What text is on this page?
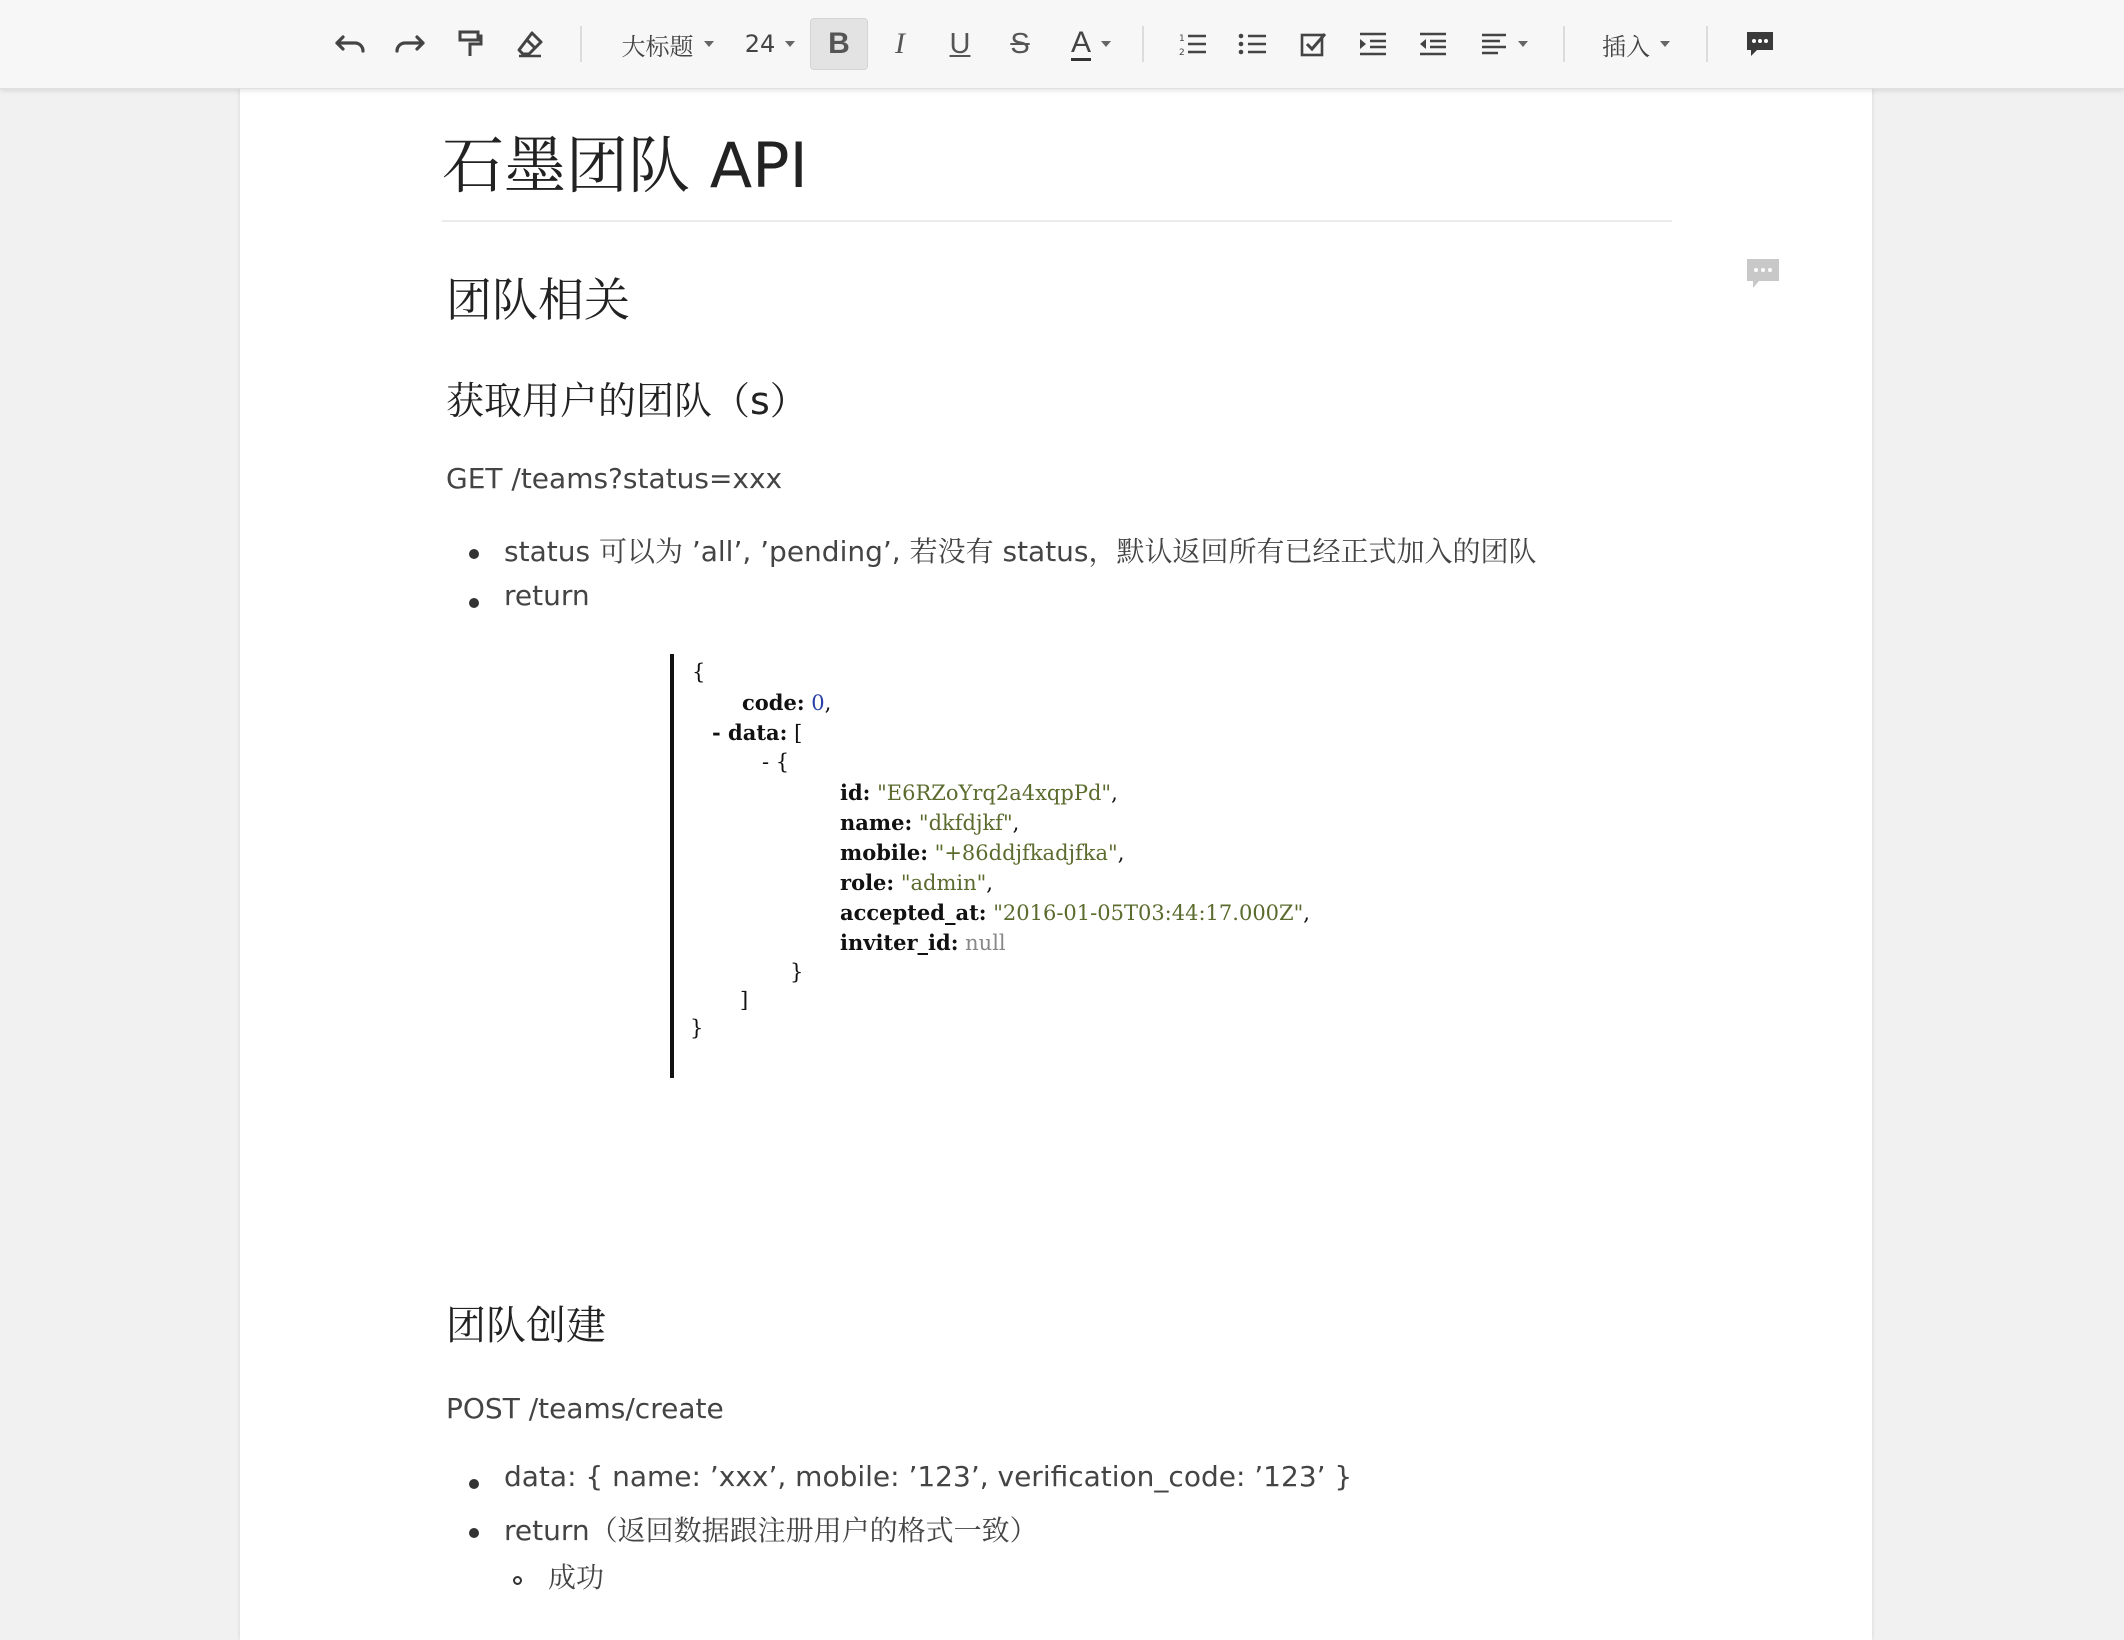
大标题 24	B	I	U	S	A	1
2	插入
石墨团队 API
团队相关
获取用户的团队（s）
GET /teams?status=xxx
status 可以为 ’all’, ’pending’, 若没有 status，默认返回所有已经正式加入的团队
return
{
code: 0,
- data: [
- {
id: "E6RZoYrq2a4xqpPd",
name: "dkfdjkf",
mobile: "+86ddjfkadjfka",
role: "admin",
accepted_at: "2016-01-05T03:44:17.000Z",
inviter_id: null
}
]
}
团队创建
POST /teams/create
data: { name: ’xxx’, mobile: ’123’, verification_code: ’123’ }
return（返回数据跟注册用户的格式一致）
成功
